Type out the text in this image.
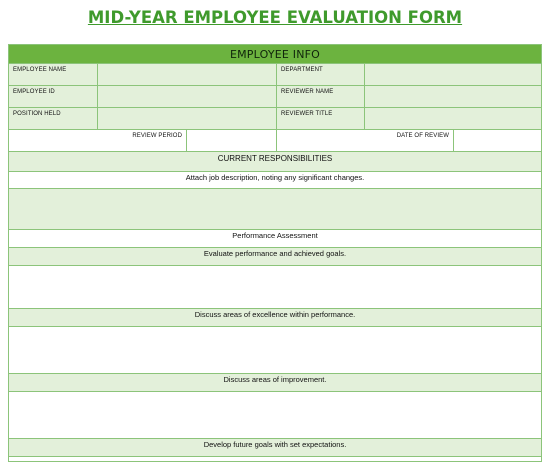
MID-YEAR EMPLOYEE EVALUATION FORM
EMPLOYEE INFO
EMPLOYEE NAME	DEPARTMENT
EMPLOYEE ID	REVIEWER NAME
POSITION HELD	REVIEWER TITLE
REVIEW PERIOD	DATE OF REVIEW
CURRENT RESPONSIBILITIES
Attach job description, noting any significant changes.
Performance Assessment
Evaluate performance and achieved goals.
Discuss areas of excellence within performance.
Discuss areas of improvement.
Develop future goals with set expectations.
